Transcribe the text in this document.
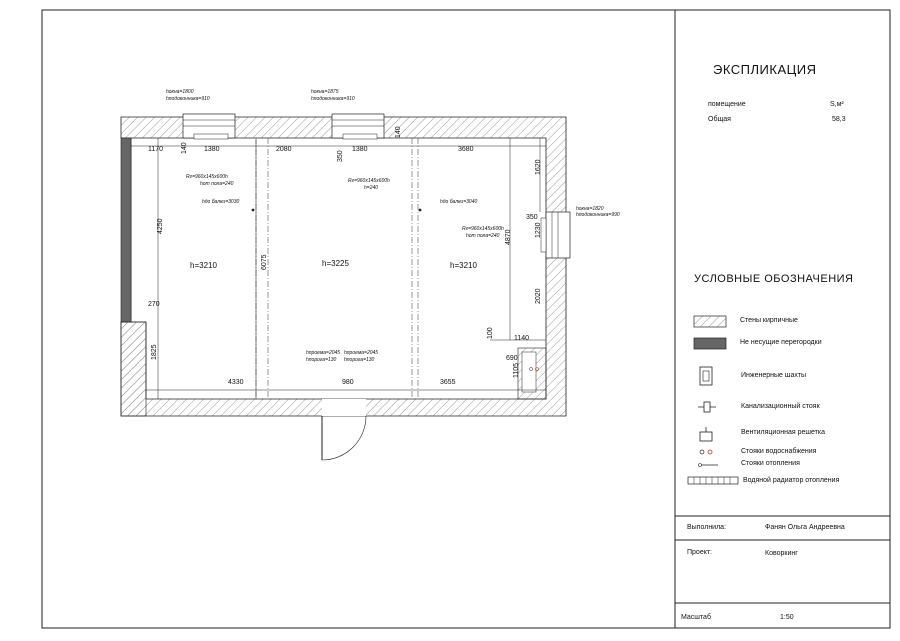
1170	1380	2080	1380	3680
140
350
140
4330	980	3655
4250
270
1825
6075
1620
350
1230
4870
2020
1140
100
690
1105
h=3210	h=3225	h=3210
hокна=1800
hподоконника=910
hокна=1875
hподоконника=910
hокна=1820
hподоконника=990
Rг=960x145x600h
hот пола=240	Rг=960x145x600h
h=240
Rг=960x145x600h
hот пола=240
hдо балки=3030	hдо балки=3040
hпроема=2045
hпорога=130
hпроема=2045
hпорога=130
ЭКСПЛИКАЦИЯ
помещение	S,м²
Общая	58,3
УСЛОВНЫЕ ОБОЗНАЧЕНИЯ
Стены кирпичные
Не несущие перегородки
Инженерные шахты
Канализационный стояк
Вентиляционная решетка
Стояки водоснабжения
Стояки отопления
Водяной радиатор отопления
Выполнила:	Фанян Ольга Андреевна
Проект:	Коворкинг
Масштаб	1:50
